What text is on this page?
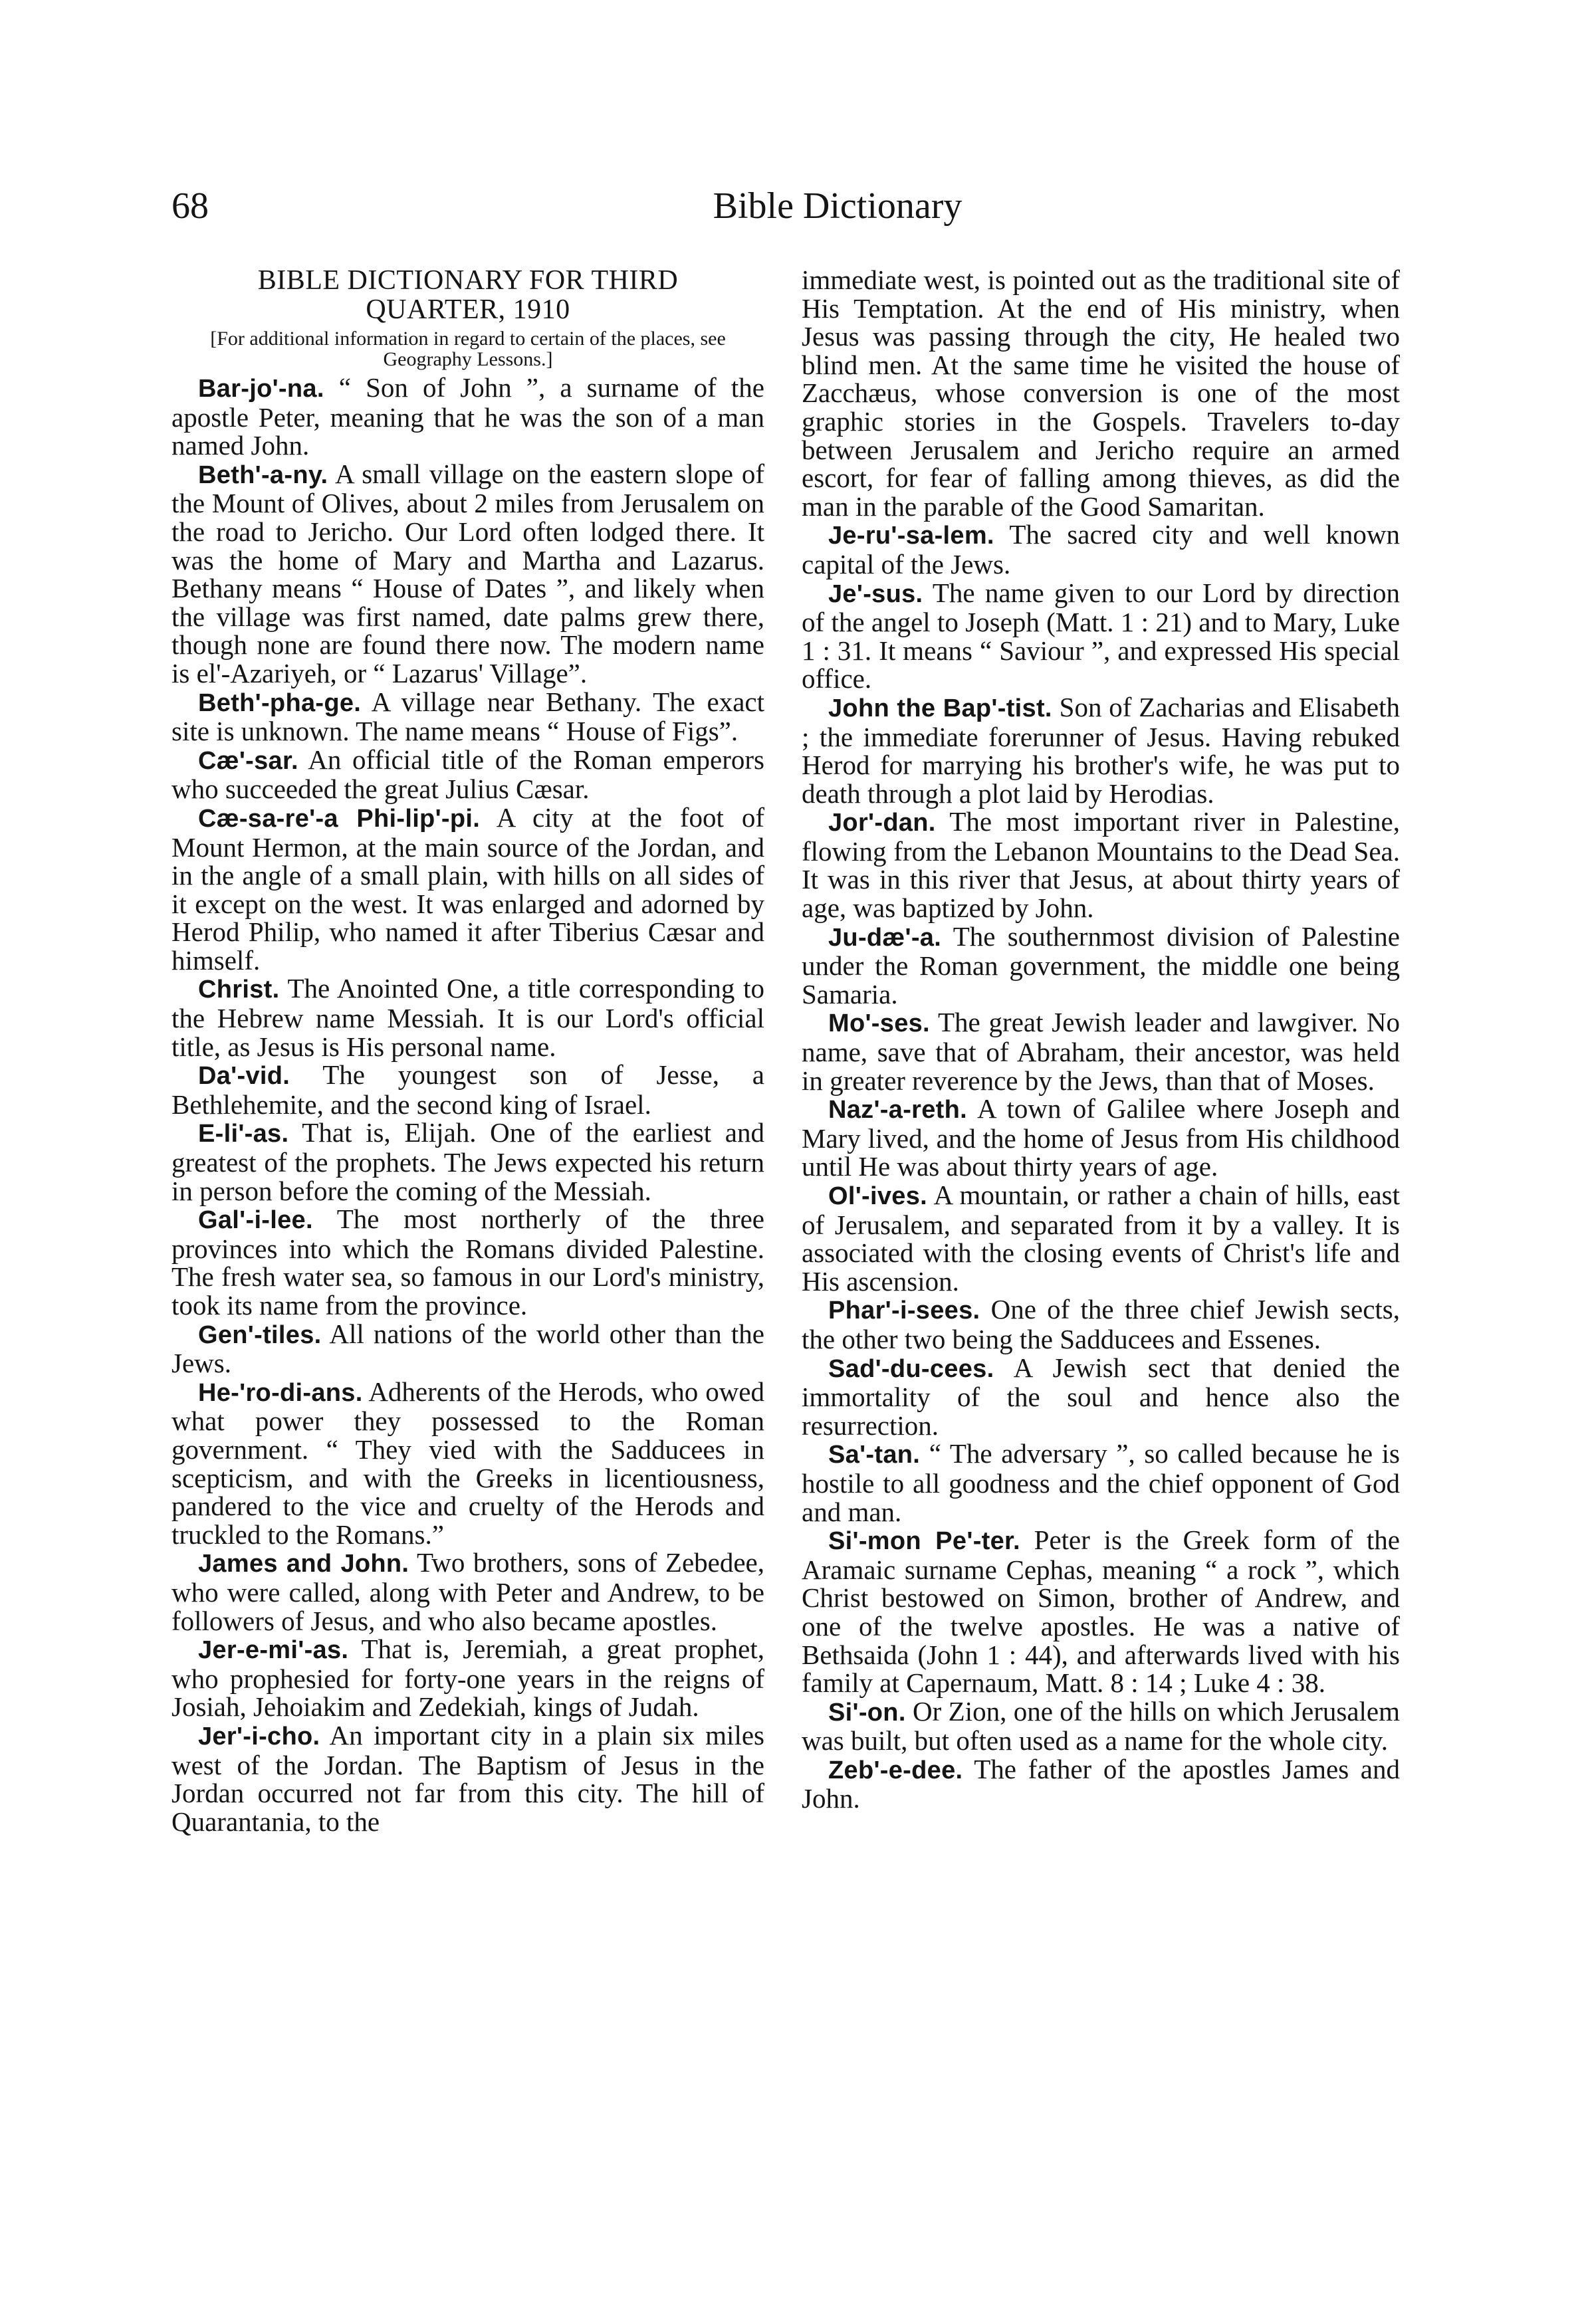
68	Bible Dictionary
BIBLE DICTIONARY FOR THIRD
QUARTER, 1910
[For additional information in regard to certain of the places, see Geography Lessons.]

Bar-jo'-na. “ Son of John ”, a surname of the apostle Peter, meaning that he was the son of a man named John.

Beth'-a-ny. A small village on the eastern slope of the Mount of Olives, about 2 miles from Jerusalem on the road to Jericho. Our Lord often lodged there. It was the home of Mary and Martha and Lazarus. Bethany means “ House of Dates ”, and likely when the village was first named, date palms grew there, though none are found there now. The modern name is el'-Azariyeh, or “ Lazarus' Village”.

Beth'-pha-ge. A village near Bethany. The exact site is unknown. The name means “ House of Figs”.

Cæ'-sar. An official title of the Roman emperors who succeeded the great Julius Cæsar.

Cæ-sa-re'-a Phi-lip'-pi. A city at the foot of Mount Hermon, at the main source of the Jordan, and in the angle of a small plain, with hills on all sides of it except on the west. It was enlarged and adorned by Herod Philip, who named it after Tiberius Cæsar and himself.

Christ. The Anointed One, a title corresponding to the Hebrew name Messiah. It is our Lord's official title, as Jesus is His personal name.

Da'-vid. The youngest son of Jesse, a Bethlehemite, and the second king of Israel.

E-li'-as. That is, Elijah. One of the earliest and greatest of the prophets. The Jews expected his return in person before the coming of the Messiah.

Gal'-i-lee. The most northerly of the three provinces into which the Romans divided Palestine. The fresh water sea, so famous in our Lord's ministry, took its name from the province.

Gen'-tiles. All nations of the world other than the Jews.

He-'ro-di-ans. Adherents of the Herods, who owed what power they possessed to the Roman government. “ They vied with the Sadducees in scepticism, and with the Greeks in licentiousness, pandered to the vice and cruelty of the Herods and truckled to the Romans.”

James and John. Two brothers, sons of Zebedee, who were called, along with Peter and Andrew, to be followers of Jesus, and who also became apostles.

Jer-e-mi'-as. That is, Jeremiah, a great prophet, who prophesied for forty-one years in the reigns of Josiah, Jehoiakim and Zedekiah, kings of Judah.

Jer'-i-cho. An important city in a plain six miles west of the Jordan. The Baptism of Jesus in the Jordan occurred not far from this city. The hill of Quarantania, to the

immediate west, is pointed out as the traditional site of His Temptation. At the end of His ministry, when Jesus was passing through the city, He healed two blind men. At the same time he visited the house of Zacchæus, whose conversion is one of the most graphic stories in the Gospels. Travelers to-day between Jerusalem and Jericho require an armed escort, for fear of falling among thieves, as did the man in the parable of the Good Samaritan.

Je-ru'-sa-lem. The sacred city and well known capital of the Jews.

Je'-sus. The name given to our Lord by direction of the angel to Joseph (Matt. 1 : 21) and to Mary, Luke 1 : 31. It means “ Saviour ”, and expressed His special office.

John the Bap'-tist. Son of Zacharias and Elisabeth ; the immediate forerunner of Jesus. Having rebuked Herod for marrying his brother's wife, he was put to death through a plot laid by Herodias.

Jor'-dan. The most important river in Palestine, flowing from the Lebanon Mountains to the Dead Sea. It was in this river that Jesus, at about thirty years of age, was baptized by John.

Ju-dæ'-a. The southernmost division of Palestine under the Roman government, the middle one being Samaria.

Mo'-ses. The great Jewish leader and lawgiver. No name, save that of Abraham, their ancestor, was held in greater reverence by the Jews, than that of Moses.

Naz'-a-reth. A town of Galilee where Joseph and Mary lived, and the home of Jesus from His childhood until He was about thirty years of age.

Ol'-ives. A mountain, or rather a chain of hills, east of Jerusalem, and separated from it by a valley. It is associated with the closing events of Christ's life and His ascension.

Phar'-i-sees. One of the three chief Jewish sects, the other two being the Sadducees and Essenes.

Sad'-du-cees. A Jewish sect that denied the immortality of the soul and hence also the resurrection.

Sa'-tan. “ The adversary ”, so called because he is hostile to all goodness and the chief opponent of God and man.

Si'-mon Pe'-ter. Peter is the Greek form of the Aramaic surname Cephas, meaning “ a rock ”, which Christ bestowed on Simon, brother of Andrew, and one of the twelve apostles. He was a native of Bethsaida (John 1 : 44), and afterwards lived with his family at Capernaum, Matt. 8 : 14 ; Luke 4 : 38.

Si'-on. Or Zion, one of the hills on which Jerusalem was built, but often used as a name for the whole city.

Zeb'-e-dee. The father of the apostles James and John.
